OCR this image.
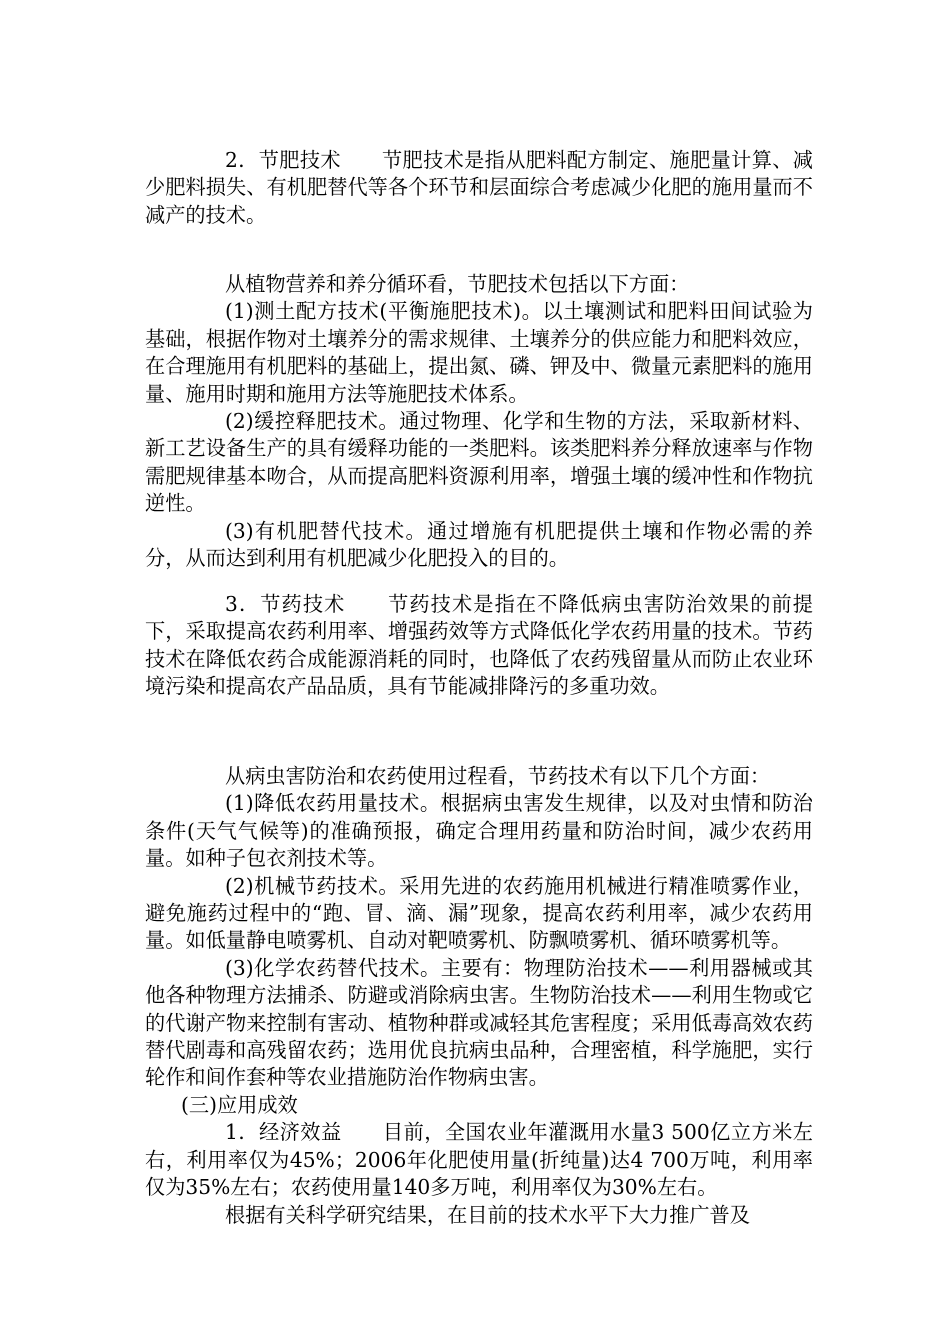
2．节肥技术　　节肥技术是指从肥料配方制定、施肥量计算、减少肥料损失、有机肥替代等各个环节和层面综合考虑减少化肥的施用量而不减产的技术。

从植物营养和养分循环看，节肥技术包括以下方面：

(1)测土配方技术(平衡施肥技术)。以土壤测试和肥料田间试验为基础，根据作物对土壤养分的需求规律、土壤养分的供应能力和肥料效应，在合理施用有机肥料的基础上，提出氮、磷、钾及中、微量元素肥料的施用量、施用时期和施用方法等施肥技术体系。

(2)缓控释肥技术。通过物理、化学和生物的方法，采取新材料、新工艺设备生产的具有缓释功能的一类肥料。该类肥料养分释放速率与作物需肥规律基本吻合，从而提高肥料资源利用率，增强土壤的缓冲性和作物抗逆性。

(3)有机肥替代技术。通过增施有机肥提供土壤和作物必需的养分，从而达到利用有机肥减少化肥投入的目的。

3．节药技术　　节药技术是指在不降低病虫害防治效果的前提下，采取提高农药利用率、增强药效等方式降低化学农药用量的技术。节药技术在降低农药合成能源消耗的同时，也降低了农药残留量从而防止农业环境污染和提高农产品品质，具有节能减排降污的多重功效。

从病虫害防治和农药使用过程看，节药技术有以下几个方面：

(1)降低农药用量技术。根据病虫害发生规律，以及对虫情和防治条件(天气气候等)的准确预报，确定合理用药量和防治时间，减少农药用量。如种子包衣剂技术等。

(2)机械节药技术。采用先进的农药施用机械进行精准喷雾作业，避免施药过程中的“跑、冒、滴、漏”现象，提高农药利用率，减少农药用量。如低量静电喷雾机、自动对靶喷雾机、防飘喷雾机、循环喷雾机等。

(3)化学农药替代技术。主要有：物理防治技术——利用器械或其他各种物理方法捕杀、防避或消除病虫害。生物防治技术——利用生物或它的代谢产物来控制有害动、植物种群或减轻其危害程度；采用低毒高效农药替代剧毒和高残留农药；选用优良抗病虫品种，合理密植，科学施肥，实行轮作和间作套种等农业措施防治作物病虫害。

(三)应用成效

1．经济效益　　目前，全国农业年灌溉用水量3 500亿立方米左右，利用率仅为45%；2006年化肥使用量(折纯量)达4 700万吨，利用率仅为35%左右；农药使用量140多万吨，利用率仅为30%左右。

根据有关科学研究结果，在目前的技术水平下大力推广普及
